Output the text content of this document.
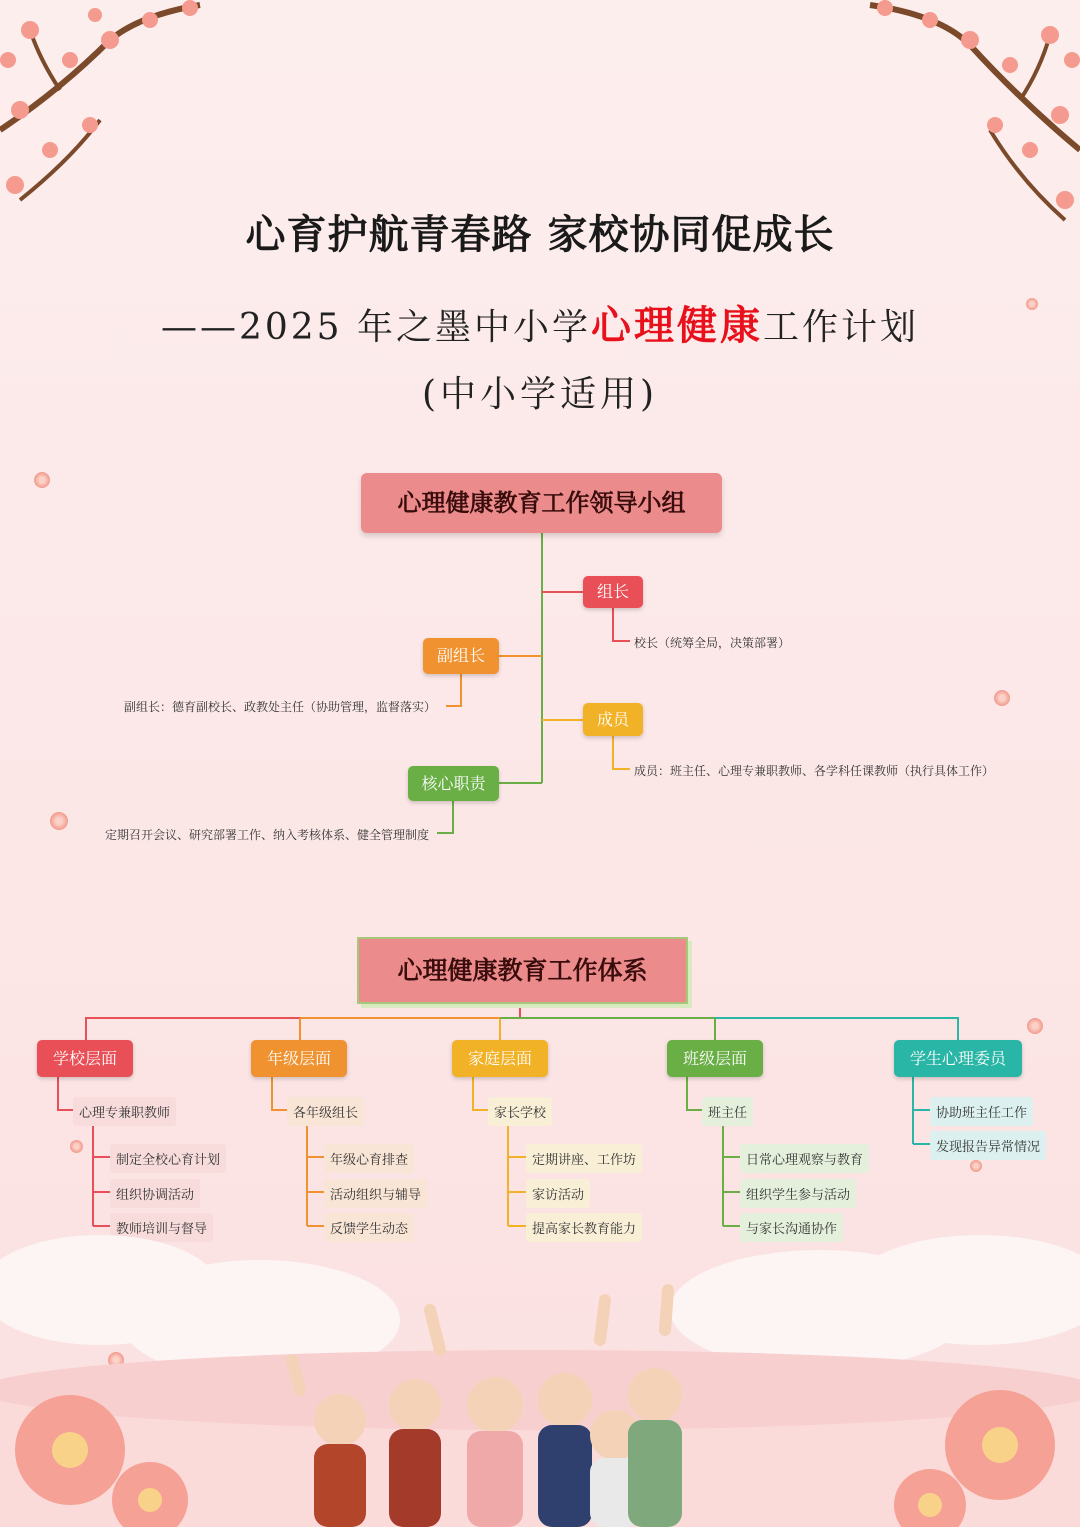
心育护航青春路 家校协同促成长
——2025 年之墨中小学心理健康工作计划
(中小学适用)
心理健康教育工作领导小组
组长
校长（统筹全局，决策部署）
副组长
副组长：德育副校长、政教处主任（协助管理，监督落实）
成员
成员：班主任、心理专兼职教师、各学科任课教师（执行具体工作）
核心职责
定期召开会议、研究部署工作、纳入考核体系、健全管理制度
心理健康教育工作体系
学校层面
心理专兼职教师
制定全校心育计划
组织协调活动
教师培训与督导
年级层面
各年级组长
年级心育排查
活动组织与辅导
反馈学生动态
家庭层面
家长学校
定期讲座、工作坊
家访活动
提高家长教育能力
班级层面
班主任
日常心理观察与教育
组织学生参与活动
与家长沟通协作
学生心理委员
协助班主任工作
发现报告异常情况
